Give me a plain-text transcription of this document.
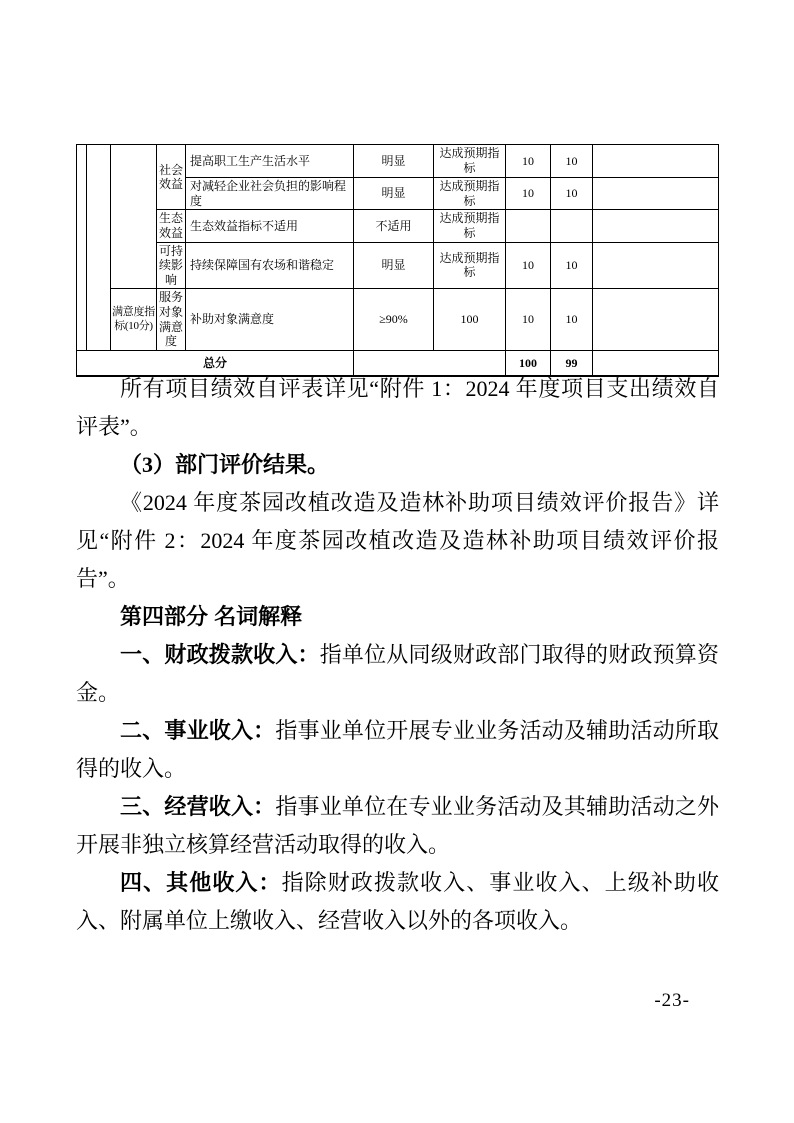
			社会效益	提高职工生产生活水平	明显	达成预期指标	10	10	
				对减轻企业社会负担的影响程度	明显	达成预期指标	10	10	
			生态效益	生态效益指标不适用	不适用	达成预期指标			
			可持续影响	持续保障国有农场和谐稳定	明显	达成预期指标	10	10	
		满意度指标(10分)	服务对象满意度	补助对象满意度	≥90%	100	10	10	
总分							100	99	

所有项目绩效自评表详见“附件 1：2024 年度项目支出绩效自评表”。

（3）部门评价结果。

《2024 年度茶园改植改造及造林补助项目绩效评价报告》详见“附件 2：2024 年度茶园改植改造及造林补助项目绩效评价报告”。

第四部分 名词解释

一、财政拨款收入：指单位从同级财政部门取得的财政预算资金。

二、事业收入：指事业单位开展专业业务活动及辅助活动所取得的收入。

三、经营收入：指事业单位在专业业务活动及其辅助活动之外开展非独立核算经营活动取得的收入。

四、其他收入：指除财政拨款收入、事业收入、上级补助收入、附属单位上缴收入、经营收入以外的各项收入。

-23-
